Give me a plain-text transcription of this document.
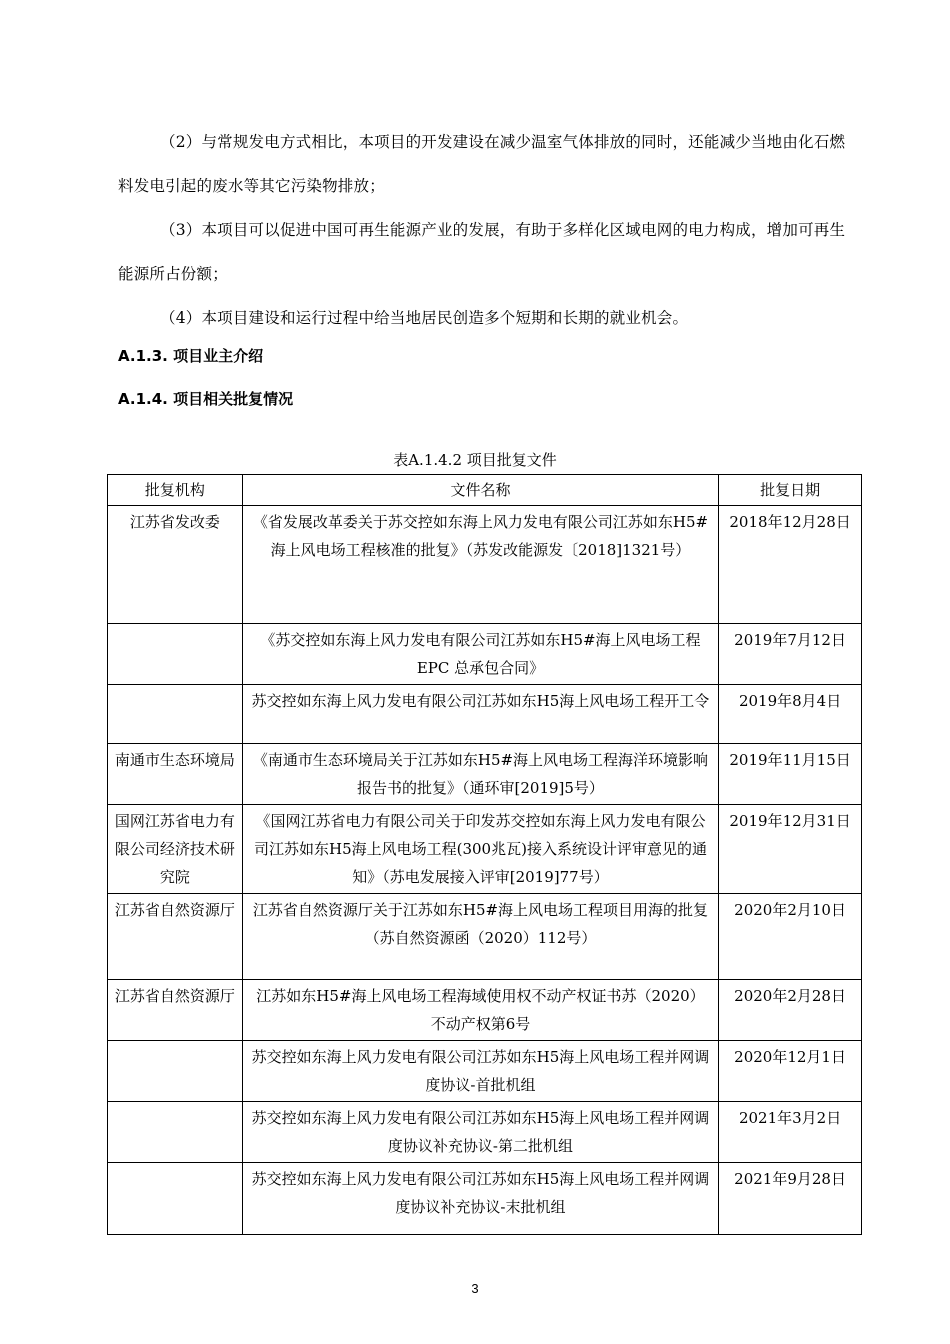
（2）与常规发电方式相比，本项目的开发建设在减少温室气体排放的同时，还能减少当地由化石燃料发电引起的废水等其它污染物排放；

（3）本项目可以促进中国可再生能源产业的发展，有助于多样化区域电网的电力构成，增加可再生能源所占份额；

（4）本项目建设和运行过程中给当地居民创造多个短期和长期的就业机会。

A.1.3. 项目业主介绍
A.1.4. 项目相关批复情况
表A.1.4.2 项目批复文件
批复机构	文件名称	批复日期
江苏省发改委	《省发展改革委关于苏交控如东海上风力发电有限公司江苏如东H5#海上风电场工程核准的批复》（苏发改能源发〔2018]1321号）	2018年12月28日
	《苏交控如东海上风力发电有限公司江苏如东H5#海上风电场工程EPC 总承包合同》	2019年7月12日
	苏交控如东海上风力发电有限公司江苏如东H5海上风电场工程开工令	2019年8月4日
南通市生态环境局	《南通市生态环境局关于江苏如东H5#海上风电场工程海洋环境影响报告书的批复》（通环审[2019]5号）	2019年11月15日
国网江苏省电力有限公司经济技术研究院	《国网江苏省电力有限公司关于印发苏交控如东海上风力发电有限公司江苏如东H5海上风电场工程(300兆瓦)接入系统设计评审意见的通知》（苏电发展接入评审[2019]77号）	2019年12月31日
江苏省自然资源厅	江苏省自然资源厅关于江苏如东H5#海上风电场工程项目用海的批复（苏自然资源函（2020）112号）	2020年2月10日
江苏省自然资源厅	江苏如东H5#海上风电场工程海域使用权不动产权证书苏（2020）不动产权第6号	2020年2月28日
	苏交控如东海上风力发电有限公司江苏如东H5海上风电场工程并网调度协议-首批机组	2020年12月1日
	苏交控如东海上风力发电有限公司江苏如东H5海上风电场工程并网调度协议补充协议-第二批机组	2021年3月2日
	苏交控如东海上风力发电有限公司江苏如东H5海上风电场工程并网调度协议补充协议-末批机组	2021年9月28日
3
